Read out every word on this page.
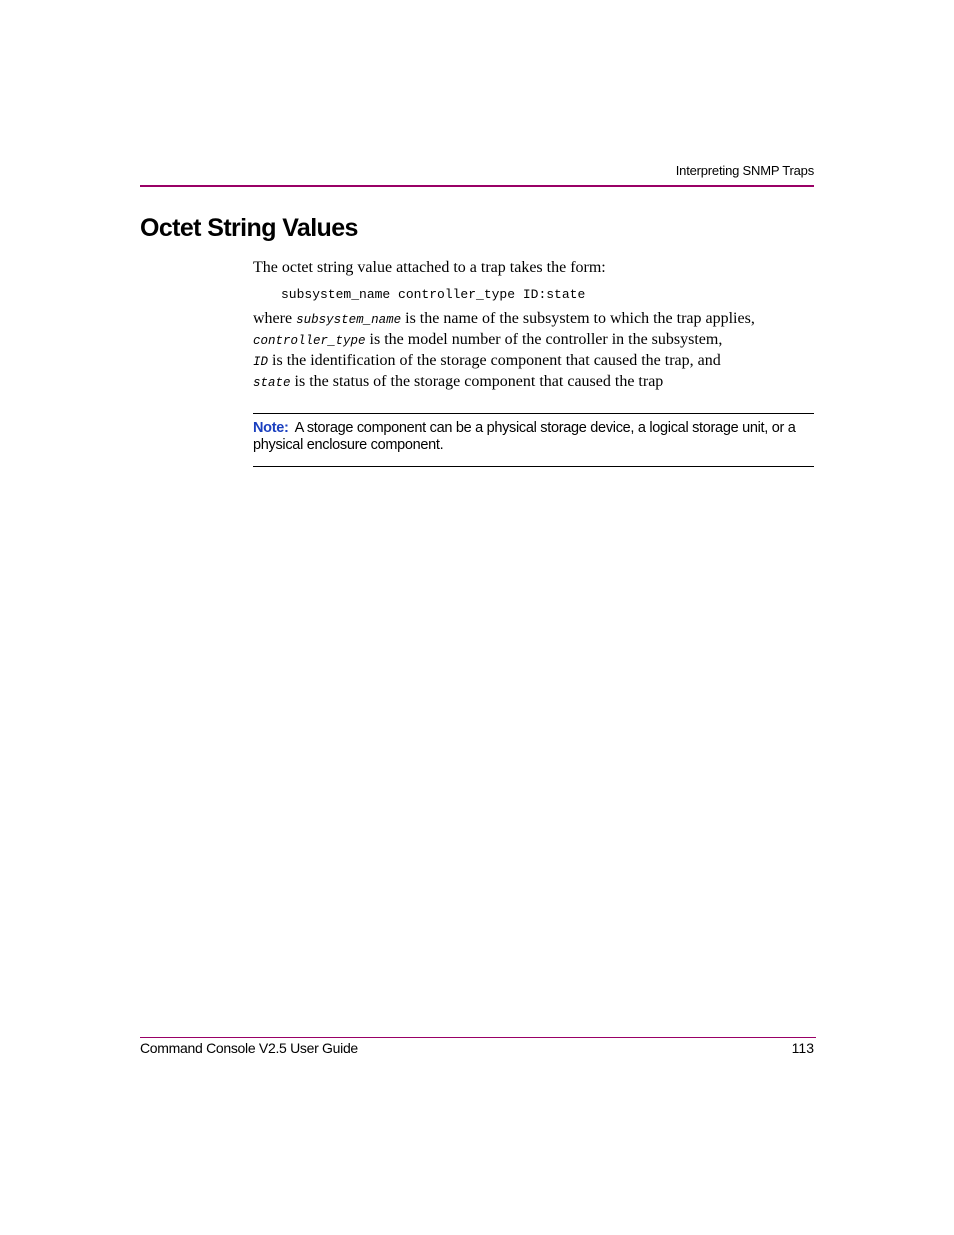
Interpreting SNMP Traps
Octet String Values
The octet string value attached to a trap takes the form:
subsystem_name controller_type ID:state
where subsystem_name is the name of the subsystem to which the trap applies,
controller_type is the model number of the controller in the subsystem,
ID is the identification of the storage component that caused the trap, and
state is the status of the storage component that caused the trap
Note: A storage component can be a physical storage device, a logical storage unit, or a physical enclosure component.
Command Console V2.5 User Guide	113
